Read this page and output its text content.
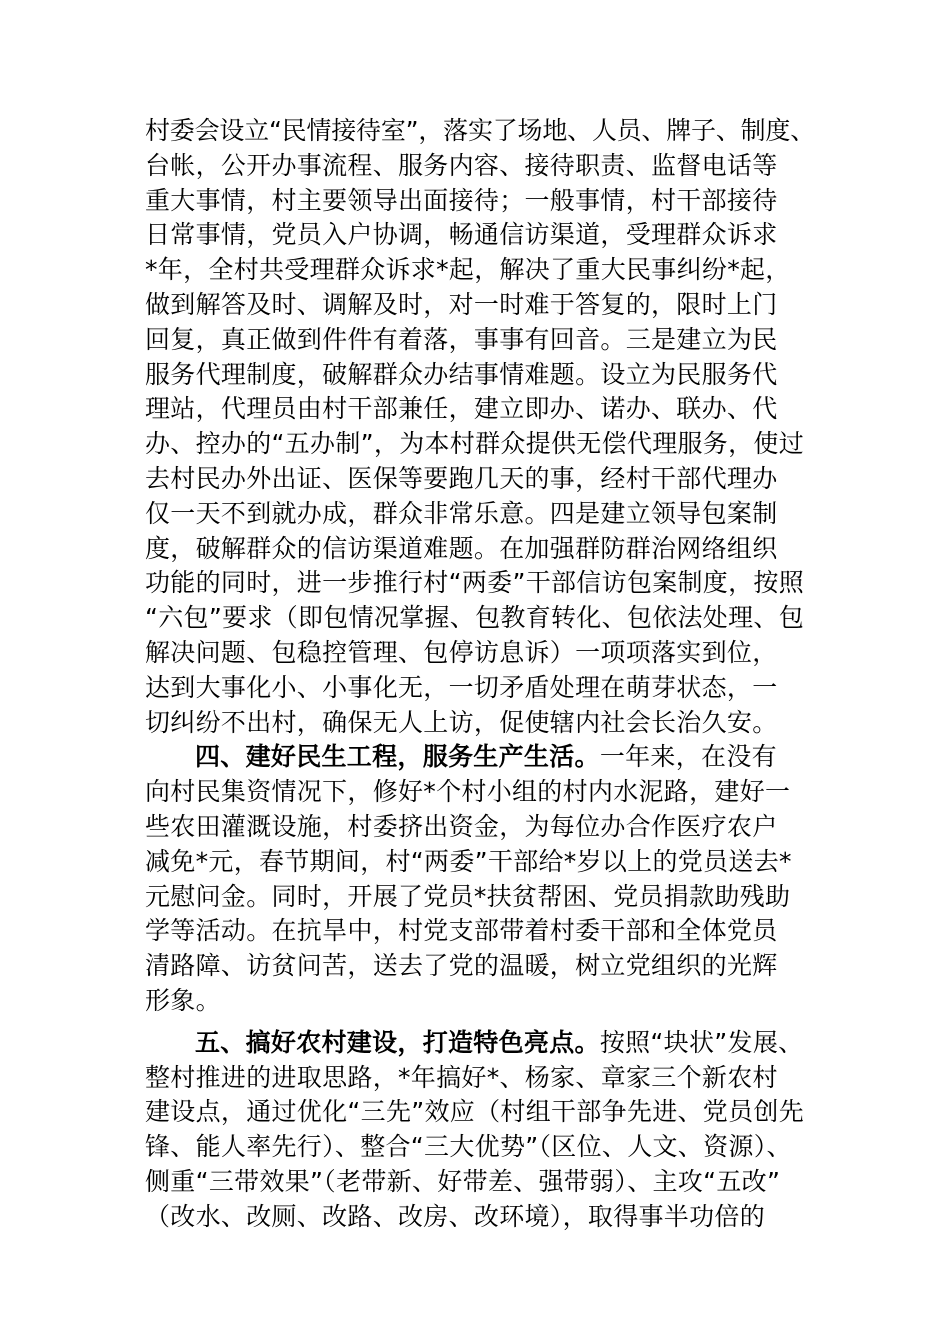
村委会设立“民情接待室”，落实了场地、人员、牌子、制度、
台帐，公开办事流程、服务内容、接待职责、监督电话等
重大事情，村主要领导出面接待；一般事情，村干部接待
日常事情，党员入户协调，畅通信访渠道，受理群众诉求
*年，全村共受理群众诉求*起，解决了重大民事纠纷*起，
做到解答及时、调解及时，对一时难于答复的，限时上门
回复，真正做到件件有着落，事事有回音。三是建立为民
服务代理制度，破解群众办结事情难题。设立为民服务代
理站，代理员由村干部兼任，建立即办、诺办、联办、代
办、控办的“五办制”，为本村群众提供无偿代理服务，使过
去村民办外出证、医保等要跑几天的事，经村干部代理办
仅一天不到就办成，群众非常乐意。四是建立领导包案制
度，破解群众的信访渠道难题。在加强群防群治网络组织
功能的同时，进一步推行村“两委”干部信访包案制度，按照
“六包”要求（即包情况掌握、包教育转化、包依法处理、包
解决问题、包稳控管理、包停访息诉）一项项落实到位，
达到大事化小、小事化无，一切矛盾处理在萌芽状态，一
切纠纷不出村，确保无人上访，促使辖内社会长治久安。
四、建好民生工程，服务生产生活。一年来，在没有
向村民集资情况下，修好*个村小组的村内水泥路，建好一
些农田灌溉设施，村委挤出资金，为每位办合作医疗农户
减免*元，春节期间，村“两委”干部给*岁以上的党员送去*
元慰问金。同时，开展了党员*扶贫帮困、党员捐款助残助
学等活动。在抗旱中，村党支部带着村委干部和全体党员
清路障、访贫问苦，送去了党的温暖，树立党组织的光辉
形象。
五、搞好农村建设，打造特色亮点。按照“块状”发展、
整村推进的进取思路，*年搞好*、杨家、章家三个新农村
建设点，通过优化“三先”效应（村组干部争先进、党员创先
锋、能人率先行）、整合“三大优势”（区位、人文、资源）、
侧重“三带效果”（老带新、好带差、强带弱）、主攻“五改”
（改水、改厕、改路、改房、改环境），取得事半功倍的
